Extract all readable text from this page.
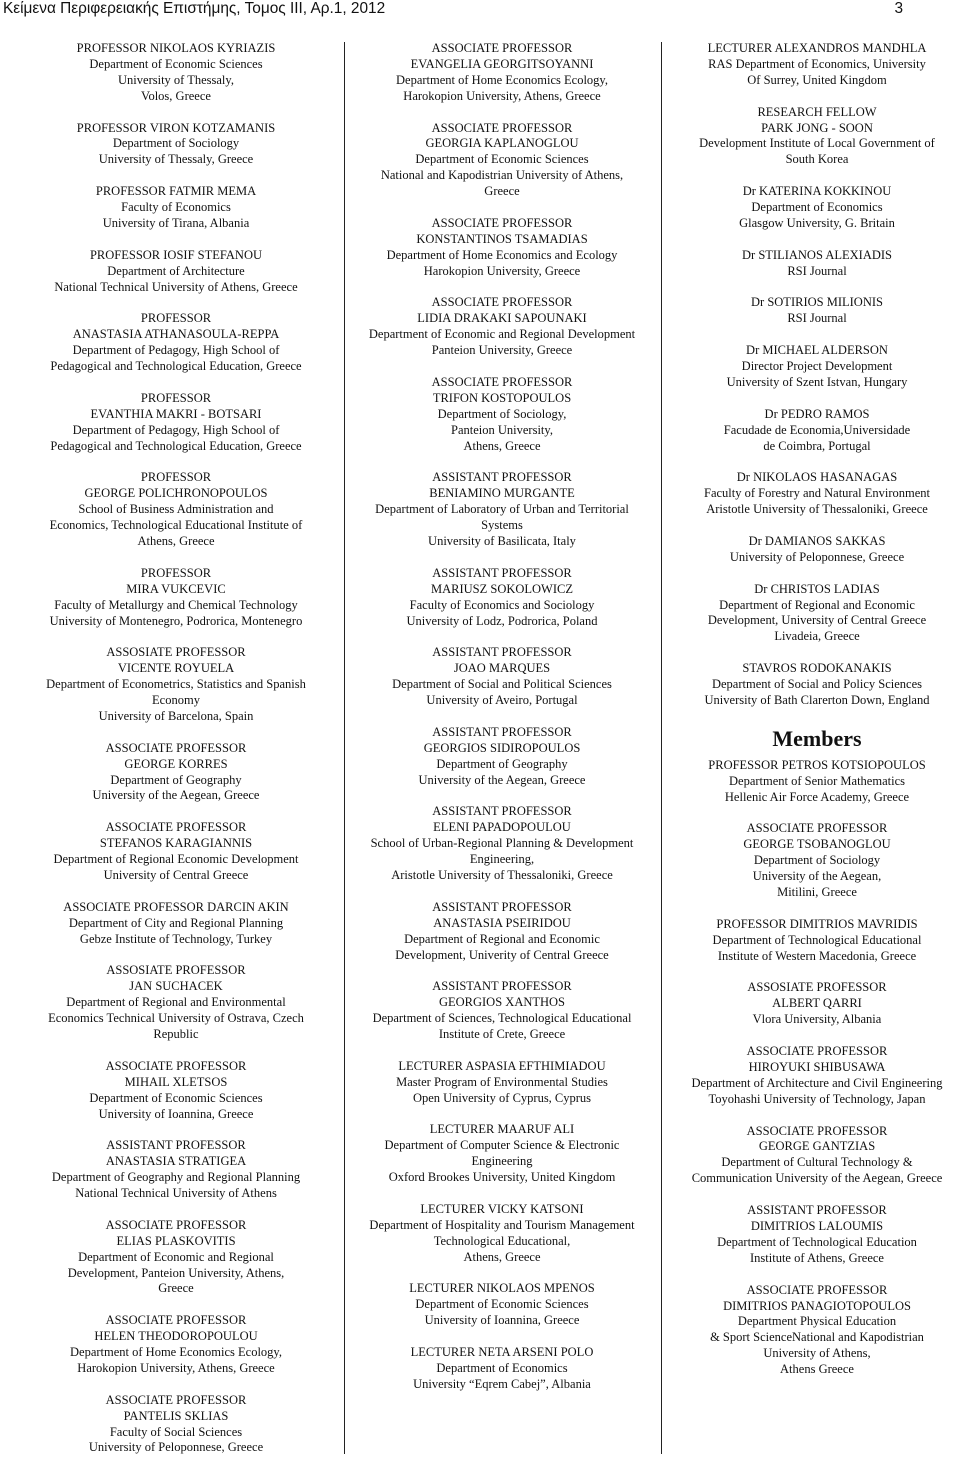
Κείμενα Περιφερειακής Επιστήμης, Τομος ΙΙΙ, Αρ.1, 2012	3
PROFESSOR NIKOLAOS KYRIAZIS
Department of Economic Sciences
University of Thessaly,
Volos, Greece
PROFESSOR VIRON KOTZAMANIS
Department of Sociology
University of Thessaly, Greece
PROFESSOR FATMIR MEMA
Faculty of Economics
University of Tirana, Albania
PROFESSOR IOSIF STEFANOU
Department of Architecture
National Technical University of Athens, Greece
PROFESSOR
ANASTASIA ATHANASOULA-REPPA
Department of Pedagogy, High School of
Pedagogical and Technological Education, Greece
PROFESSOR
EVANTHIA MAKRI - BOTSARI
Department of Pedagogy, High School of
Pedagogical and Technological Education, Greece
PROFESSOR
GEORGE POLICHRONOPOULOS
School of Business Administration and
Economics, Technological Educational Institute of
Athens, Greece
PROFESSOR
MIRA VUKCEVIC
Faculty of Metallurgy and Chemical Technology
University of Montenegro, Podrorica, Montenegro
ASSOSIATE PROFESSOR
VICENTE ROYUELA
Department of Econometrics, Statistics and Spanish
Economy
University of Barcelona, Spain
ASSOCIATE PROFESSOR
GEORGE KORRES
Department of Geography
University of the Aegean, Greece
ASSOCIATE PROFESSOR
STEFANOS KARAGIANNIS
Department of Regional Economic Development
University of Central Greece
ASSOCIATE PROFESSOR DARCIN AKIN
Department of City and Regional Planning
Gebze Institute of Technology, Turkey
ASSOSIATE PROFESSOR
JAN SUCHACEK
Department of Regional and Environmental
Economics Technical University of Ostrava, Czech
Republic
ASSOCIATE PROFESSOR
MIHAIL XLETSOS
Department of Economic Sciences
University of Ioannina, Greece
ASSISTANT PROFESSOR
ANASTASIA STRATIGEA
Department of Geography and Regional Planning
National Technical University of Athens
ASSOCIATE PROFESSOR
ELIAS PLASKOVITIS
Department of Economic and Regional
Development, Panteion University, Athens,
Greece
ASSOCIATE PROFESSOR
HELEN THEODOROPOULOU
Department of Home Economics Ecology,
Harokopion University, Athens, Greece
ASSOCIATE PROFESSOR
PANTELIS SKLIAS
Faculty of Social Sciences
University of Peloponnese, Greece
ASSOCIATE PROFESSOR
EVANGELIA GEORGITSOYANNI
Department of Home Economics Ecology,
Harokopion University, Athens, Greece
ASSOCIATE PROFESSOR
GEORGIA KAPLANOGLOU
Department of Economic Sciences
National and Kapodistrian University of Athens,
Greece
ASSOCIATE PROFESSOR
KONSTANTINOS TSAMADIAS
Department of Home Economics and Ecology
Harokopion University, Greece
ASSOCIATE PROFESSOR
LIDIA DRAKAKI SAPOUNAKI
Department of Economic and Regional Development
Panteion University, Greece
ASSOCIATE PROFESSOR
TRIFON KOSTOPOULOS
Department of Sociology,
Panteion University,
Athens, Greece
ASSISTANT PROFESSOR
BENIAMINO MURGANTE
Department of Laboratory of Urban and Territorial
Systems
University of Basilicata, Italy
ASSISTANT PROFESSOR
MARIUSZ SOKOLOWICZ
Faculty of Economics and Sociology
University of Lodz, Podrorica, Poland
ASSISTANT PROFESSOR
JOAO MARQUES
Department of Social and Political Sciences
University of Aveiro, Portugal
ASSISTANT PROFESSOR
GEORGIOS SIDIROPOULOS
Department of Geography
University of the Aegean, Greece
ASSISTANT PROFESSOR
ELENI PAPADOPOULOU
School of Urban-Regional Planning & Development
Engineering,
Aristotle University of Thessaloniki, Greece
ASSISTANT PROFESSOR
ANASTASIA PSEIRIDOU
Department of Regional and Economic
Development, Univerity of Central Greece
ASSISTANT PROFESSOR
GEORGIOS XANTHOS
Department of Sciences, Technological Educational
Institute of Crete, Greece
LECTURER ASPASIA EFTHIMIADOU
Master Program of Environmental Studies
Open University of Cyprus, Cyprus
LECTURER MAARUF ALI
Department of Computer Science & Electronic
Engineering
Oxford Brookes University, United Kingdom
LECTURER VICKY KATSONI
Department of Hospitality and Tourism Management
Technological Educational,
Athens, Greece
LECTURER NIKOLAOS MPENOS
Department of Economic Sciences
University of Ioannina, Greece
LECTURER NETA ARSENI POLO
Department of Economics
University “Eqrem Cabej”, Albania
LECTURER ALEXANDROS MANDHLA
RAS Department of Economics, University
Of Surrey, United Kingdom
RESEARCH FELLOW
PARK JONG - SOON
Development Institute of Local Government of
South Korea
Dr KATERINA KOKKINOU
Department of Economics
Glasgow University, G. Britain
Dr STILIANOS ALEXIADIS
RSI Journal
Dr SOTIRIOS MILIONIS
RSI Journal
Dr MICHAEL ALDERSON
Director Project Development
University of Szent Istvan, Hungary
Dr PEDRO RAMOS
Facudade de Economia,Universidade
de Coimbra, Portugal
Dr NIKOLAOS HASANAGAS
Faculty of Forestry and Natural Environment
Aristotle University of Thessaloniki, Greece
Dr DAMIANOS SAKKAS
University of Peloponnese, Greece
Dr CHRISTOS LADIAS
Department of Regional and Economic
Development, University of Central Greece
Livadeia, Greece
STAVROS RODOKANAKIS
Department of Social and Policy Sciences
University of Bath Clarerton Down, England
Members
PROFESSOR PETROS KOTSIOPOULOS
Department of Senior Mathematics
Hellenic Air Force Academy, Greece
ASSOCIATE PROFESSOR
GEORGE TSOBANOGLOU
Department of Sociology
University of the Aegean,
Mitilini, Greece
PROFESSOR DIMITRIOS MAVRIDIS
Department of Technological Educational
Institute of Western Macedonia, Greece
ASSOSIATE PROFESSOR
ALBERT QARRI
Vlora University, Albania
ASSOCIATE PROFESSOR
HIROYUKI SHIBUSAWA
Department of Architecture and Civil Engineering
Toyohashi University of Technology, Japan
ASSOCIATE PROFESSOR
GEORGE GANTZIAS
Department of Cultural Technology &
Communication University of the Aegean, Greece
ASSISTANT PROFESSOR
DIMITRIOS LALOUMIS
Department of Technological Education
Institute of Athens, Greece
ASSOCIATE PROFESSOR
DIMITRIOS PANAGIOTOPOULOS
Department Physical Education
& Sport ScienceNational and Kapodistrian
University of Athens,
Athens Greece
